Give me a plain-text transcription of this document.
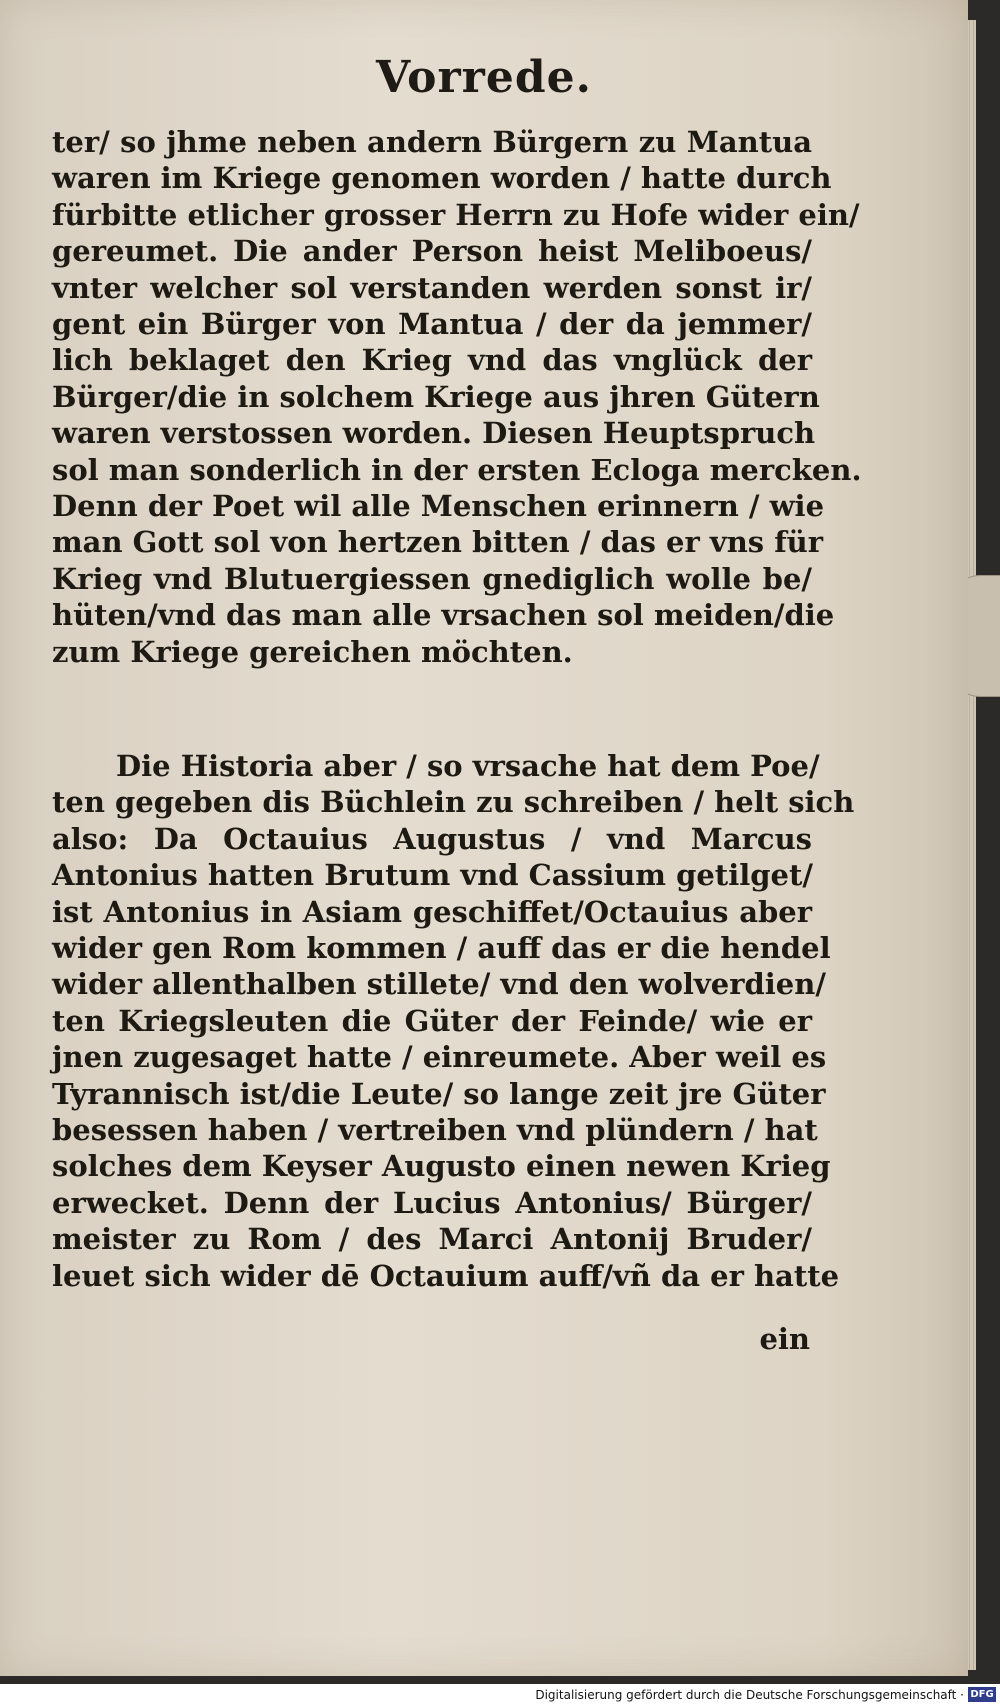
Vorrede.
ter/ so jhme neben andern Bürgern zu Mantua
waren im Kriege genomen worden / hatte durch
fürbitte etlicher grosser Herrn zu Hofe wider ein/
gereumet. Die ander Person heist Meliboeus/
vnter welcher sol verstanden werden sonst ir/
gent ein Bürger von Mantua / der da jemmer/
lich beklaget den Krieg vnd das vnglück der
Bürger/die in solchem Kriege aus jhren Gütern
waren verstossen worden. Diesen Heuptspruch
sol man sonderlich in der ersten Ecloga mercken.
Denn der Poet wil alle Menschen erinnern / wie
man Gott sol von hertzen bitten / das er vns für
Krieg vnd Blutuergiessen gnediglich wolle be/
hüten/vnd das man alle vrsachen sol meiden/die
zum Kriege gereichen möchten.
Die Historia aber / so vrsache hat dem Poe/
ten gegeben dis Büchlein zu schreiben / helt sich
also: Da Octauius Augustus / vnd Marcus
Antonius hatten Brutum vnd Cassium getilget/
ist Antonius in Asiam geschiffet/Octauius aber
wider gen Rom kommen / auff das er die hendel
wider allenthalben stillete/ vnd den wolverdien/
ten Kriegsleuten die Güter der Feinde/ wie er
jnen zugesaget hatte / einreumete. Aber weil es
Tyrannisch ist/die Leute/ so lange zeit jre Güter
besessen haben / vertreiben vnd plündern / hat
solches dem Keyser Augusto einen newen Krieg
erwecket. Denn der Lucius Antonius/ Bürger/
meister zu Rom / des Marci Antonij Bruder/
leuet sich wider dē Octauium auff/vñ da er hatte
ein
Digitalisierung gefördert durch die Deutsche Forschungsgemeinschaft · DFG
